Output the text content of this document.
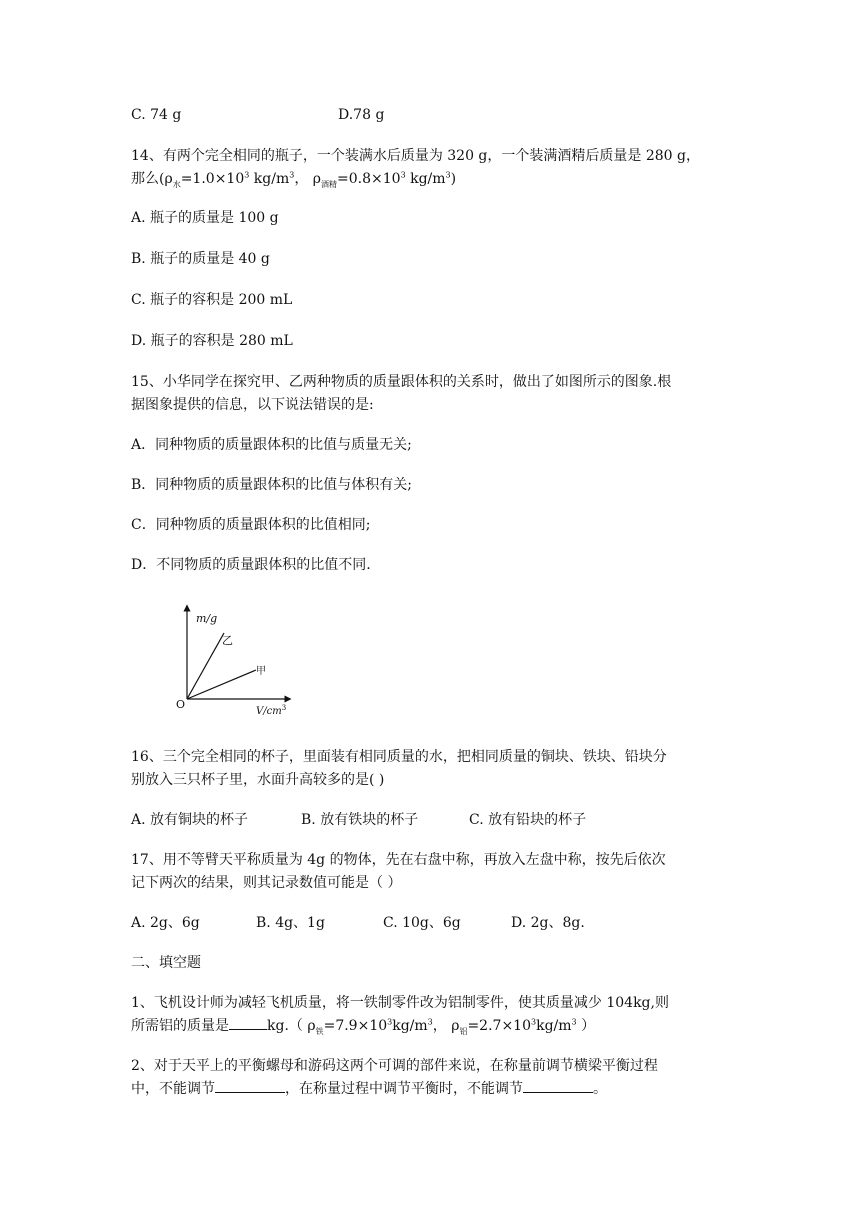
C. 74 g	D.78 g
14、有两个完全相同的瓶子，一个装满水后质量为 320 g，一个装满酒精后质量是 280 g，
那么($\rho_水=1.0\times 10^3$ $kg/m^3$， $\rho_{酒精}=0.8\times 10^3$ $kg/m^3$)
A. 瓶子的质量是 100 g
B. 瓶子的质量是 40 g
C. 瓶子的容积是 200 mL
D. 瓶子的容积是 280 mL
15、小华同学在探究甲、乙两种物质的质量跟体积的关系时，做出了如图所示的图象.根
据图象提供的信息，以下说法错误的是:
A．同种物质的质量跟体积的比值与质量无关;
B．同种物质的质量跟体积的比值与体积有关;
C．同种物质的质量跟体积的比值相同;
D．不同物质的质量跟体积的比值不同.
m/g
乙
甲
O
$V/cm^3$
16、三个完全相同的杯子，里面装有相同质量的水，把相同质量的铜块、铁块、铅块分
别放入三只杯子里，水面升高较多的是( )
A. 放有铜块的杯子	B. 放有铁块的杯子	C. 放有铅块的杯子
17、用不等臂天平称质量为 4g 的物体，先在右盘中称，再放入左盘中称，按先后依次
记下两次的结果，则其记录数值可能是（ ）
A. 2g、6g	B. 4g、1g	C. 10g、6g	D. 2g、8g.
二、填空题
1、飞机设计师为减轻飞机质量，将一铁制零件改为铝制零件，使其质量减少 104kg,则
所需铝的质量是	kg.（ $\rho_铁=7.9\times 10^3kg/m^3$， $\rho_铝=2.7\times 10^3kg/m^3$ ）
2、对于天平上的平衡螺母和游码这两个可调的部件来说，在称量前调节横梁平衡过程
中，不能调节	，在称量过程中调节平衡时，不能调节	。
